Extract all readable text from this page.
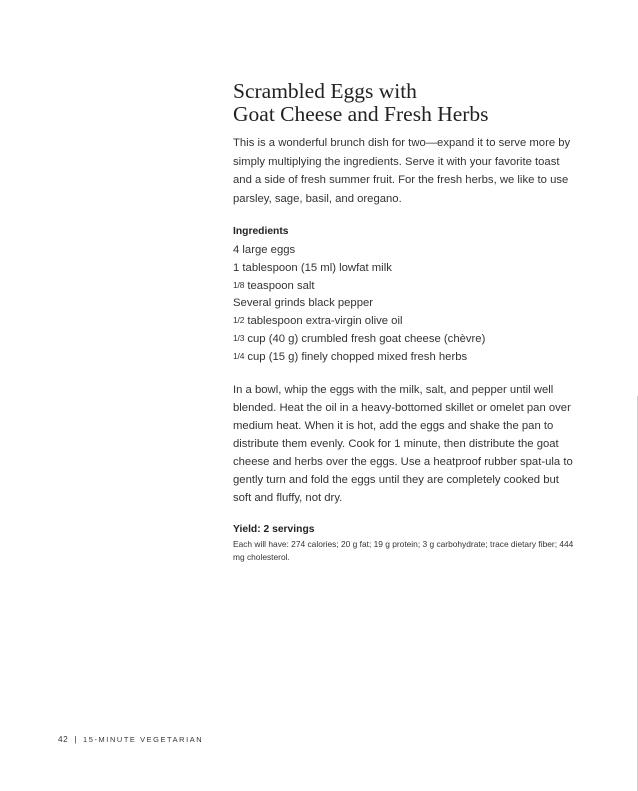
Scrambled Eggs with
Goat Cheese and Fresh Herbs

This is a wonderful brunch dish for two—expand it to serve more by simply multiplying the ingredients. Serve it with your favorite toast and a side of fresh summer fruit. For the fresh herbs, we like to use parsley, sage, basil, and oregano.

Ingredients
4 large eggs
1 tablespoon (15 ml) lowfat milk
1/8 teaspoon salt
Several grinds black pepper
1/2 tablespoon extra-virgin olive oil
1/3 cup (40 g) crumbled fresh goat cheese (chèvre)
1/4 cup (15 g) finely chopped mixed fresh herbs

In a bowl, whip the eggs with the milk, salt, and pepper until well blended. Heat the oil in a heavy-bottomed skillet or omelet pan over medium heat. When it is hot, add the eggs and shake the pan to distribute them evenly. Cook for 1 minute, then distribute the goat cheese and herbs over the eggs. Use a heatproof rubber spat-ula to gently turn and fold the eggs until they are completely cooked but soft and fluffy, not dry.

Yield: 2 servings
Each will have: 274 calories; 20 g fat; 19 g protein; 3 g carbohydrate; trace dietary fiber; 444 mg cholesterol.
42 | 15-MINUTE VEGETARIAN
